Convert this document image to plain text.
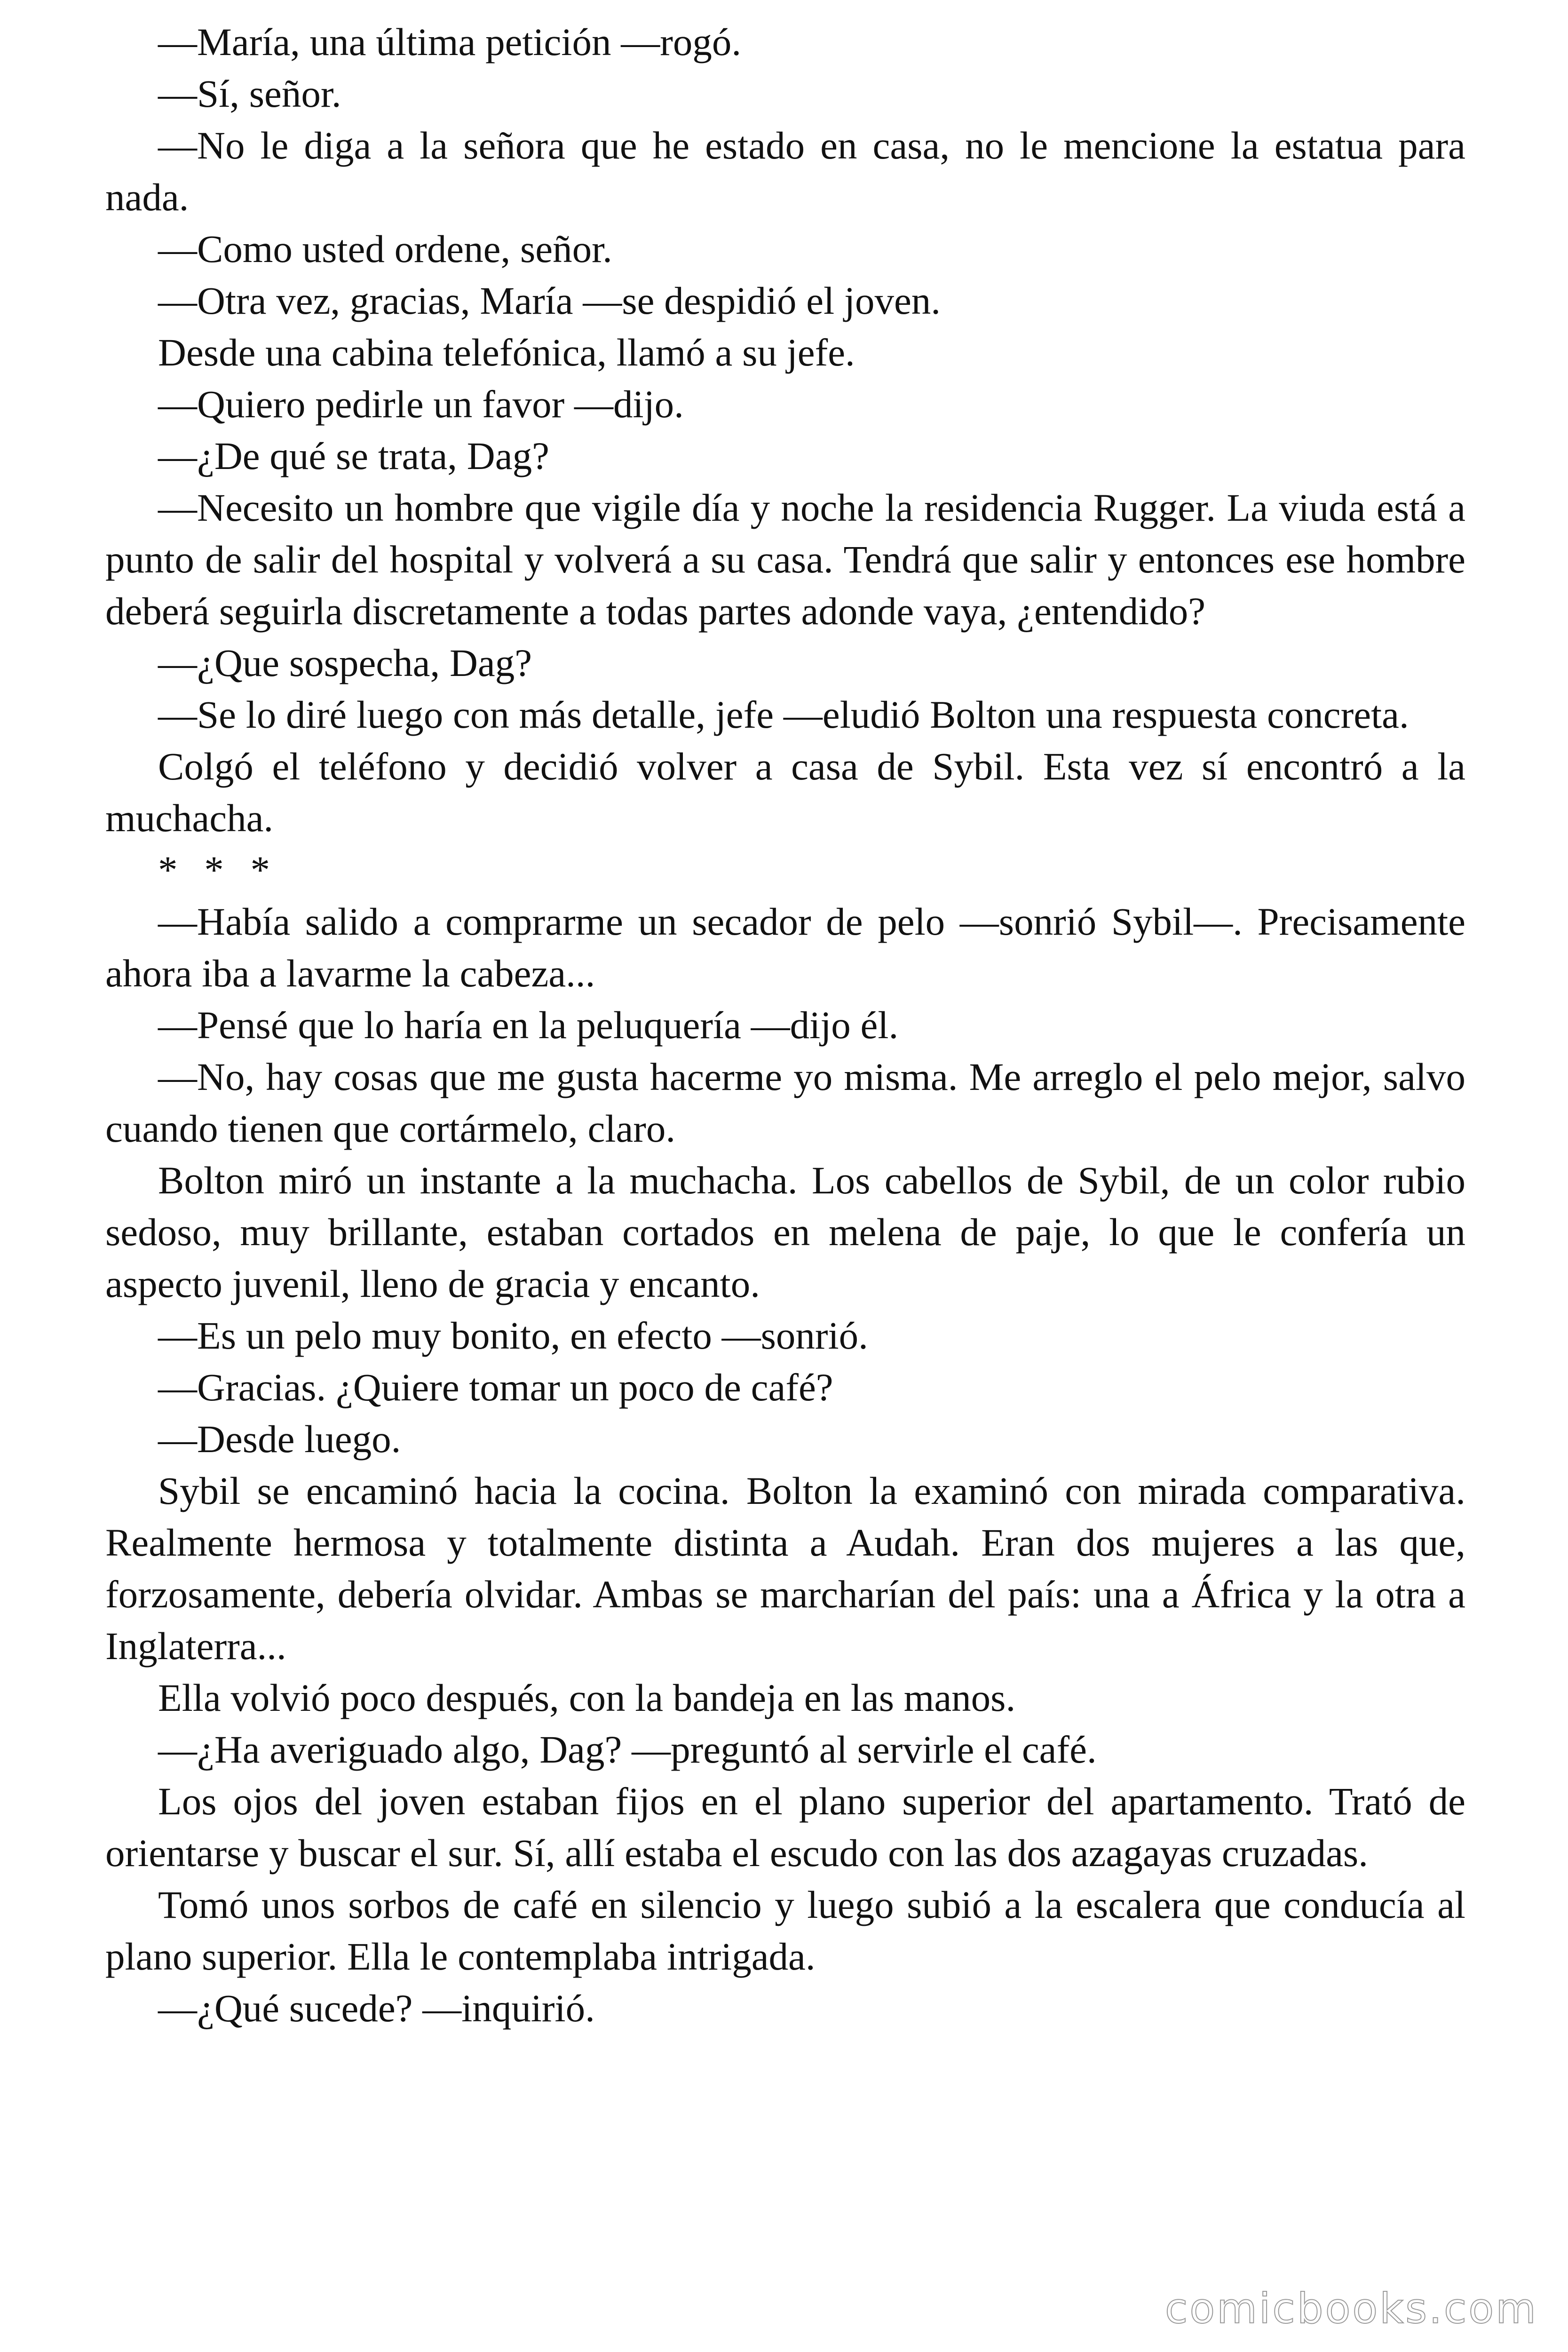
—María, una última petición —rogó.

—Sí, señor.

—No le diga a la señora que he estado en casa, no le mencione la estatua para nada.

—Como usted ordene, señor.

—Otra vez, gracias, María —se despidió el joven.

Desde una cabina telefónica, llamó a su jefe.

—Quiero pedirle un favor —dijo.

—¿De qué se trata, Dag?

—Necesito un hombre que vigile día y noche la residencia Rugger. La viuda está a punto de salir del hospital y volverá a su casa. Tendrá que salir y entonces ese hombre deberá seguirla discretamente a todas partes adonde vaya, ¿entendido?

—¿Que sospecha, Dag?

—Se lo diré luego con más detalle, jefe —eludió Bolton una respuesta concreta.

Colgó el teléfono y decidió volver a casa de Sybil. Esta vez sí encontró a la muchacha.

* * *

—Había salido a comprarme un secador de pelo —sonrió Sybil—. Precisamente ahora iba a lavarme la cabeza...

—Pensé que lo haría en la peluquería —dijo él.

—No, hay cosas que me gusta hacerme yo misma. Me arreglo el pelo mejor, salvo cuando tienen que cortármelo, claro.

Bolton miró un instante a la muchacha. Los cabellos de Sybil, de un color rubio sedoso, muy brillante, estaban cortados en melena de paje, lo que le confería un aspecto juvenil, lleno de gracia y encanto.

—Es un pelo muy bonito, en efecto —sonrió.

—Gracias. ¿Quiere tomar un poco de café?

—Desde luego.

Sybil se encaminó hacia la cocina. Bolton la examinó con mirada comparativa. Realmente hermosa y totalmente distinta a Audah. Eran dos mujeres a las que, forzosamente, debería olvidar. Ambas se marcharían del país: una a África y la otra a Inglaterra...

Ella volvió poco después, con la bandeja en las manos.

—¿Ha averiguado algo, Dag? —preguntó al servirle el café.

Los ojos del joven estaban fijos en el plano superior del apartamento. Trató de orientarse y buscar el sur. Sí, allí estaba el escudo con las dos azagayas cruzadas.

Tomó unos sorbos de café en silencio y luego subió a la escalera que conducía al plano superior. Ella le contemplaba intrigada.

—¿Qué sucede? —inquirió.

comicbooks.com
